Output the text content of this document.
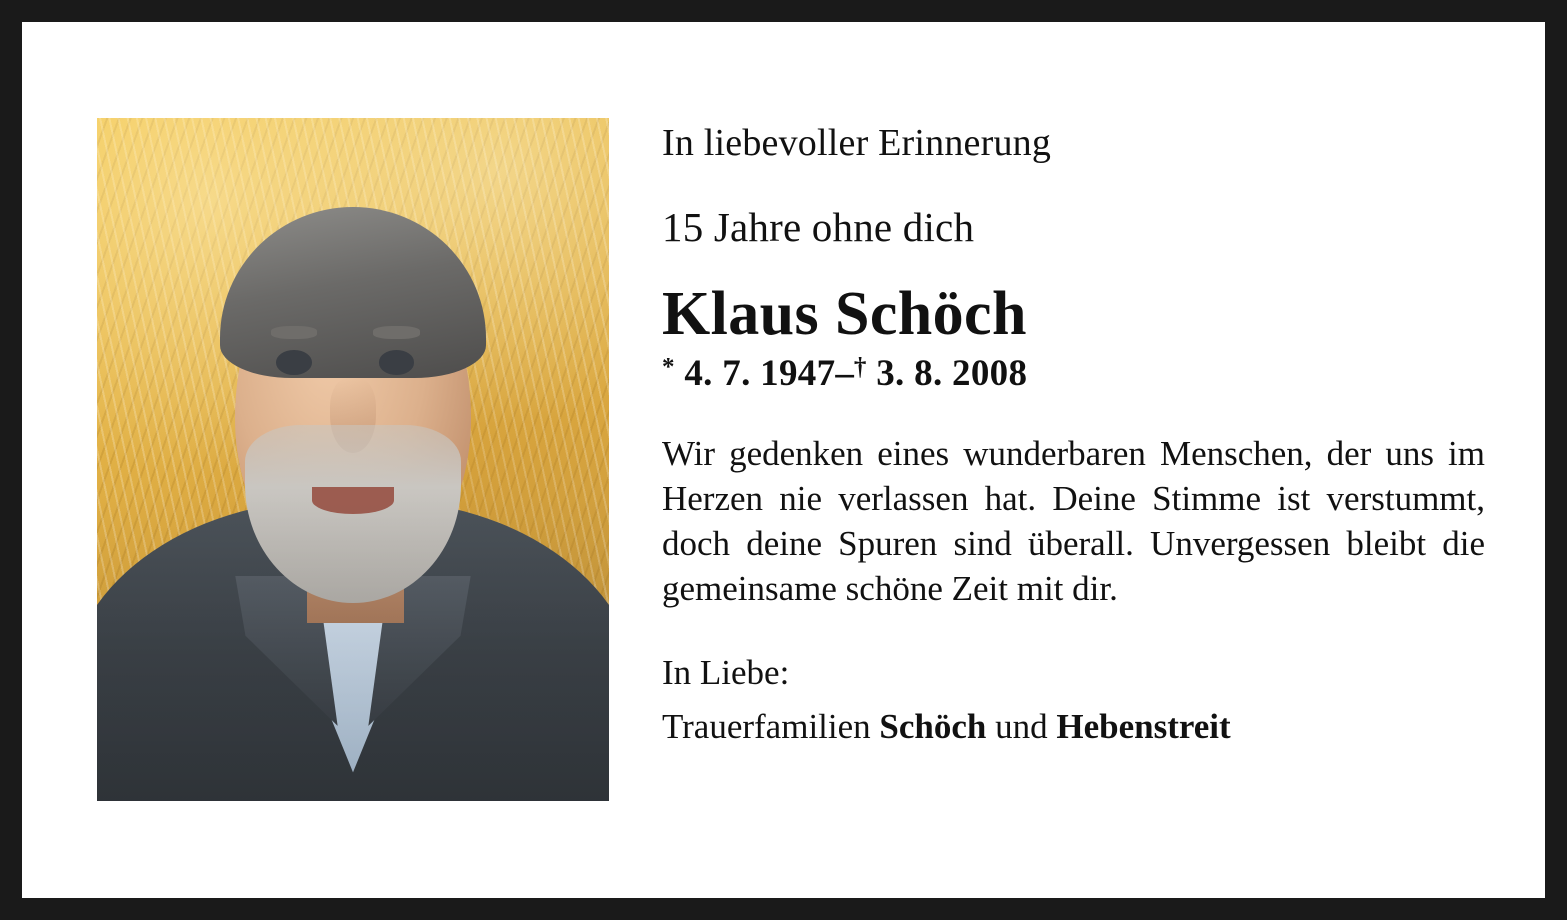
In liebevoller Erinnerung

15 Jahre ohne dich

Klaus Schöch

* 4. 7. 1947–† 3. 8. 2008

Wir gedenken eines wunderbaren Menschen, der uns im Herzen nie verlassen hat. Deine Stimme ist verstummt, doch deine Spuren sind überall. Unvergessen bleibt die gemeinsame schöne Zeit mit dir.

In Liebe:

Trauerfamilien Schöch und Hebenstreit
